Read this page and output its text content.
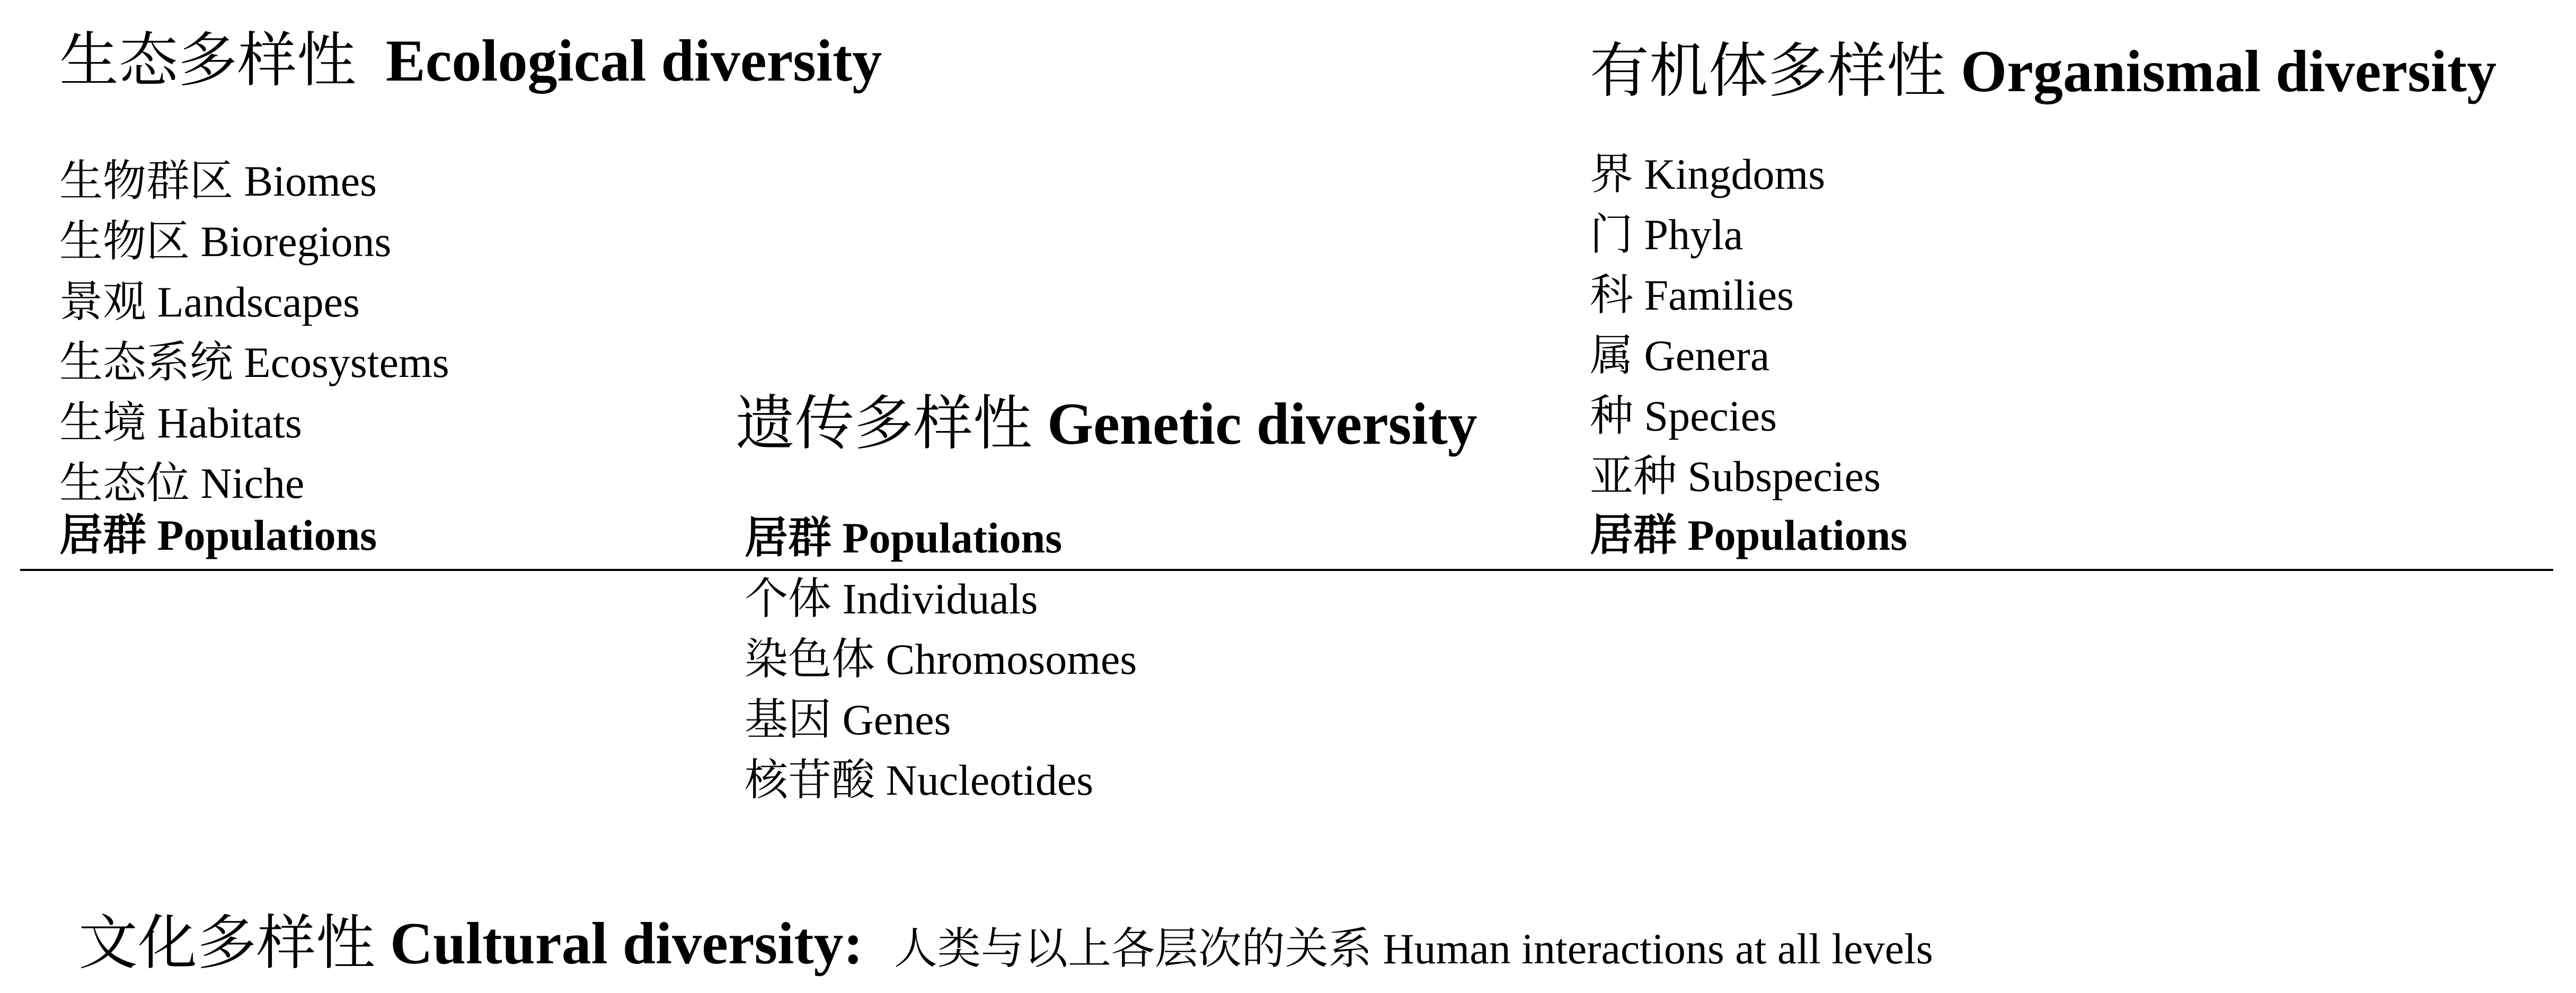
生态多样性 Ecological diversity
生物群区 Biomes
生物区 Bioregions
景观 Landscapes
生态系统 Ecosystems
生境 Habitats
生态位 Niche
居群 Populations
遗传多样性 Genetic diversity
居群 Populations
个体 Individuals
染色体 Chromosomes
基因 Genes
核苷酸 Nucleotides
有机体多样性 Organismal diversity
界 Kingdoms
门 Phyla
科 Families
属 Genera
种 Species
亚种 Subspecies
居群 Populations
文化多样性 Cultural diversity: 人类与以上各层次的关系 Human interactions at all levels
